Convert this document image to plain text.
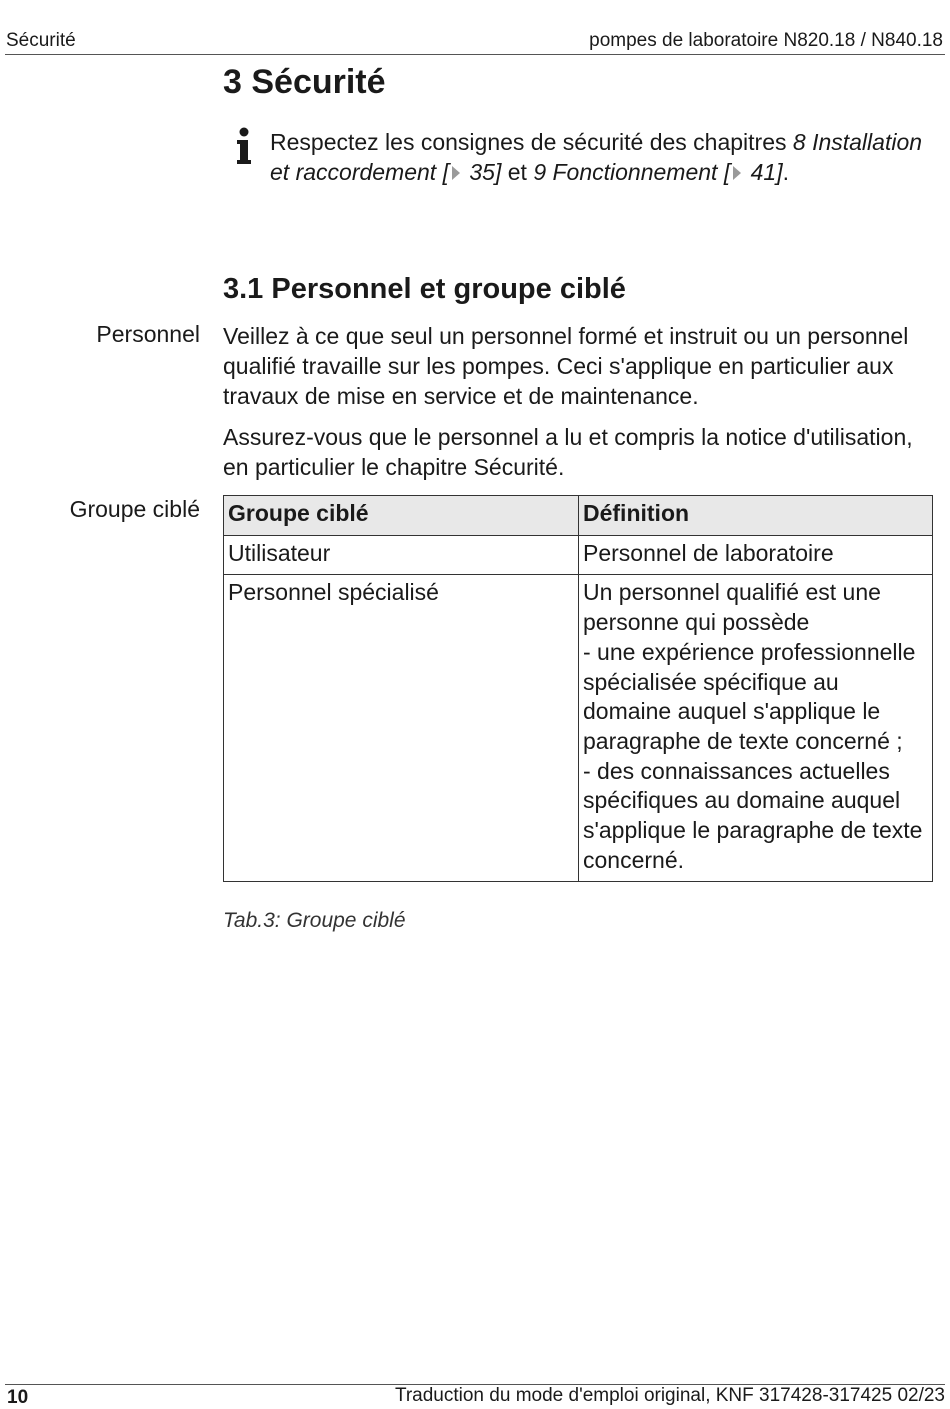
Sécurité	pompes de laboratoire N820.18 / N840.18
3 Sécurité
Respectez les consignes de sécurité des chapitres 8 Installation et raccordement [ 35] et 9 Fonctionnement [ 41].
3.1 Personnel et groupe ciblé
Personnel Veillez à ce que seul un personnel formé et instruit ou un personnel qualifié travaille sur les pompes. Ceci s'applique en particulier aux travaux de mise en service et de maintenance.

Assurez-vous que le personnel a lu et compris la notice d'utilisation, en particulier le chapitre Sécurité.

Groupe ciblé Groupe ciblé	Définition
Utilisateur	Personnel de laboratoire
Personnel spécialisé	Un personnel qualifié est une personne qui possède
- une expérience professionnelle spécialisée spécifique au domaine auquel s'applique le paragraphe de texte concerné ;
- des connaissances actuelles spécifiques au domaine auquel s'applique le paragraphe de texte concerné.
Tab.3: Groupe ciblé
10	Traduction du mode d'emploi original, KNF 317428-317425 02/23
